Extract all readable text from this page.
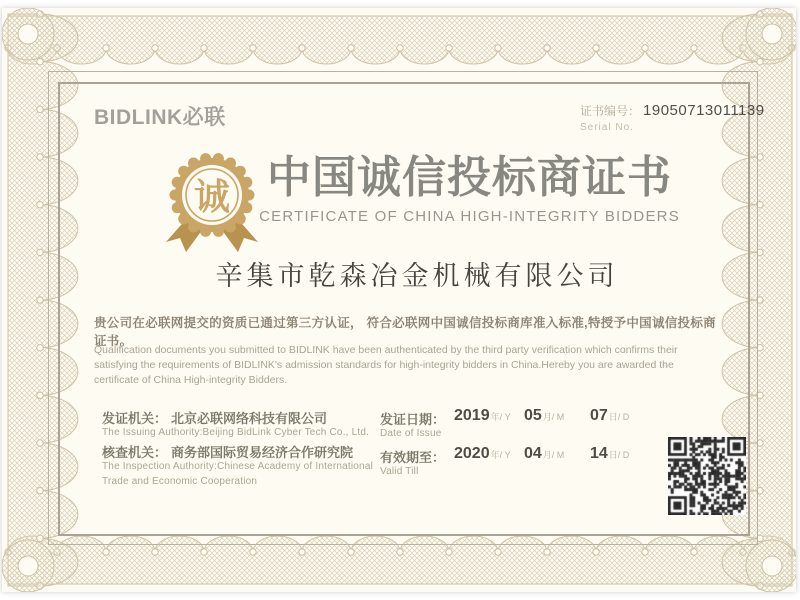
BIDLINK必联	证书编号： 19050713011139
Serial No.
诚 中国诚信投标商证书
CERTIFICATE OF CHINA HIGH-INTEGRITY BIDDERS
辛集市乾森冶金机械有限公司
贵公司在必联网提交的资质已通过第三方认证， 符合必联网中国诚信投标商库准入标准,特授予中国诚信投标商证书。
Qualification documents you submitted to BIDLINK have been authenticated by the third party verification which confirms their satisfying the requirements of BIDLINK's admission standards for high-integrity bidders in China.Hereby you are awarded the certificate of China High-integrity Bidders.
发证机关： 北京必联网络科技有限公司
The Issuing Authority:Beijing BidLink Cyber Tech Co., Ltd.
核查机关： 商务部国际贸易经济合作研究院
The Inspection Authority:Chinese Academy of International
Trade and Economic Cooperation
发证日期： 2019年/ Y 05月/ M 07日/ D
Date of Issue
有效期至： 2020年/ Y 04月/ M 14日/ D
Valid Till
